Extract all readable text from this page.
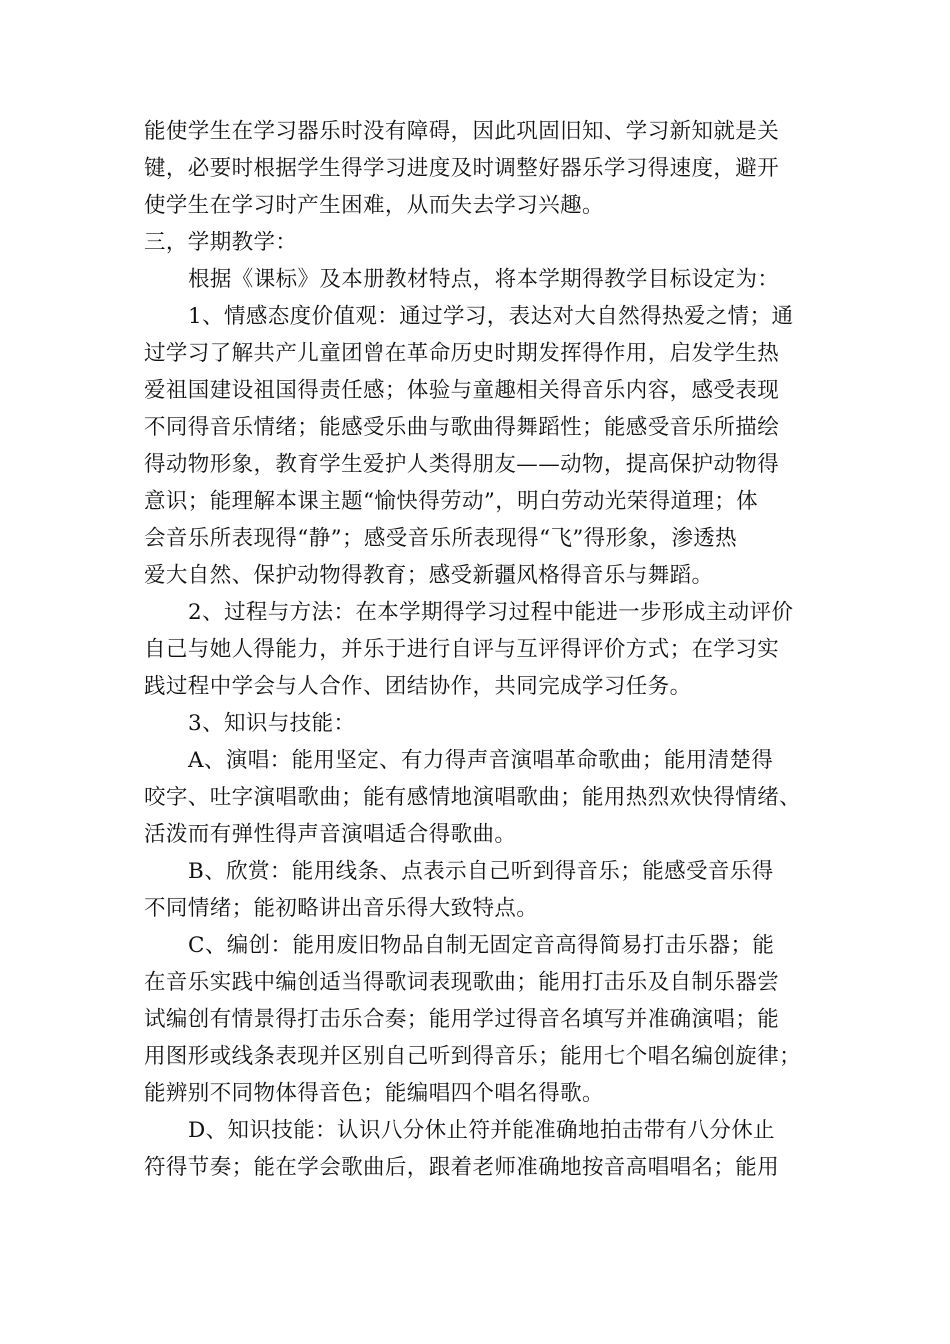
能使学生在学习器乐时没有障碍，因此巩固旧知、学习新知就是关
键，必要时根据学生得学习进度及时调整好器乐学习得速度，避开
使学生在学习时产生困难，从而失去学习兴趣。
三，学期教学：
根据《课标》及本册教材特点，将本学期得教学目标设定为：
1、情感态度价值观：通过学习，表达对大自然得热爱之情；通
过学习了解共产儿童团曾在革命历史时期发挥得作用，启发学生热
爱祖国建设祖国得责任感；体验与童趣相关得音乐内容，感受表现
不同得音乐情绪；能感受乐曲与歌曲得舞蹈性；能感受音乐所描绘
得动物形象，教育学生爱护人类得朋友——动物，提高保护动物得
意识；能理解本课主题“愉快得劳动”，明白劳动光荣得道理；体
会音乐所表现得“静”；感受音乐所表现得“飞”得形象，渗透热
爱大自然、保护动物得教育；感受新疆风格得音乐与舞蹈。
2、过程与方法：在本学期得学习过程中能进一步形成主动评价
自己与她人得能力，并乐于进行自评与互评得评价方式；在学习实
践过程中学会与人合作、团结协作，共同完成学习任务。
3、知识与技能：
A、演唱：能用坚定、有力得声音演唱革命歌曲；能用清楚得
咬字、吐字演唱歌曲；能有感情地演唱歌曲；能用热烈欢快得情绪、
活泼而有弹性得声音演唱适合得歌曲。
B、欣赏：能用线条、点表示自己听到得音乐；能感受音乐得
不同情绪；能初略讲出音乐得大致特点。
C、编创：能用废旧物品自制无固定音高得简易打击乐器；能
在音乐实践中编创适当得歌词表现歌曲；能用打击乐及自制乐器尝
试编创有情景得打击乐合奏；能用学过得音名填写并准确演唱；能
用图形或线条表现并区别自己听到得音乐；能用七个唱名编创旋律；
能辨别不同物体得音色；能编唱四个唱名得歌。
D、知识技能：认识八分休止符并能准确地拍击带有八分休止
符得节奏；能在学会歌曲后，跟着老师准确地按音高唱唱名；能用
